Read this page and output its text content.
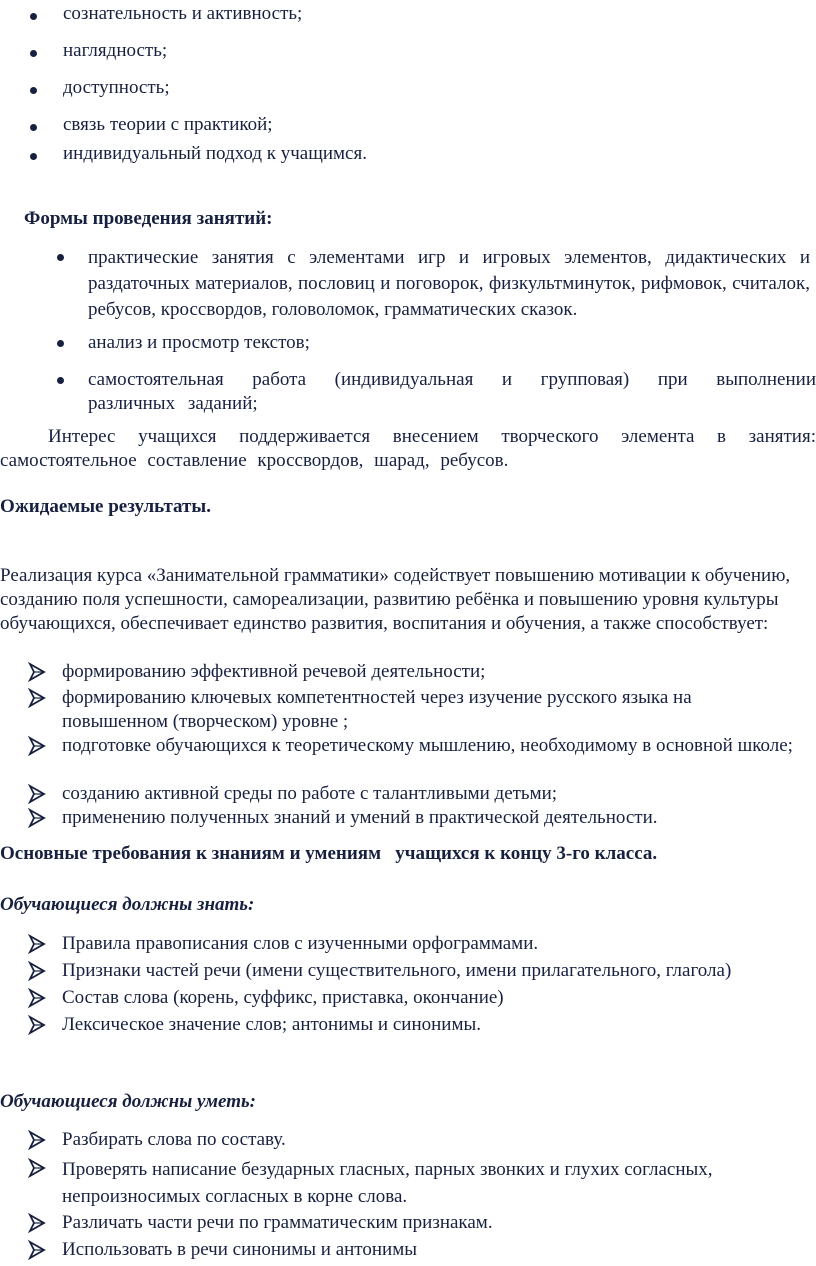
сознательность и активность;
наглядность;
доступность;
связь теории с практикой;
индивидуальный подход к учащимся.

Формы проведения занятий:

практические занятия с элементами игр и игровых элементов, дидактических и раздаточных материалов, пословиц и поговорок, физкультминуток, рифмовок, считалок, ребусов, кроссвордов, головоломок, грамматических сказок.

анализ и просмотр текстов;

самостоятельная работа (индивидуальная и групповая) при выполнении различных заданий;

Интерес учащихся поддерживается внесением творческого элемента в занятия: самостоятельное составление кроссвордов, шарад, ребусов.

Ожидаемые результаты.

Реализация курса «Занимательной грамматики» содействует повышению мотивации к обучению, созданию поля успешности, самореализации, развитию ребёнка и повышению уровня культуры обучающихся, обеспечивает единство развития, воспитания и обучения, а также способствует:

формированию эффективной речевой деятельности;

формированию ключевых компетентностей через изучение русского языка на повышенном (творческом) уровне ;

подготовке обучающихся к теоретическому мышлению, необходимому в основной школе;

созданию активной среды по работе с талантливыми детьми;

применению полученных знаний и умений в практической деятельности.

Основные требования к знаниям и умениям   учащихся к концу 3-го класса.

Обучающиеся должны знать:

Правила правописания слов с изученными орфограммами.

Признаки частей речи (имени существительного, имени прилагательного, глагола)

Состав слова (корень, суффикс, приставка, окончание)

Лексическое значение слов; антонимы и синонимы.

Обучающиеся должны уметь:

Разбирать слова по составу.

Проверять написание безударных гласных, парных звонких и глухих согласных, непроизносимых согласных в корне слова.

Различать части речи по грамматическим признакам.

Использовать в речи синонимы и антонимы
